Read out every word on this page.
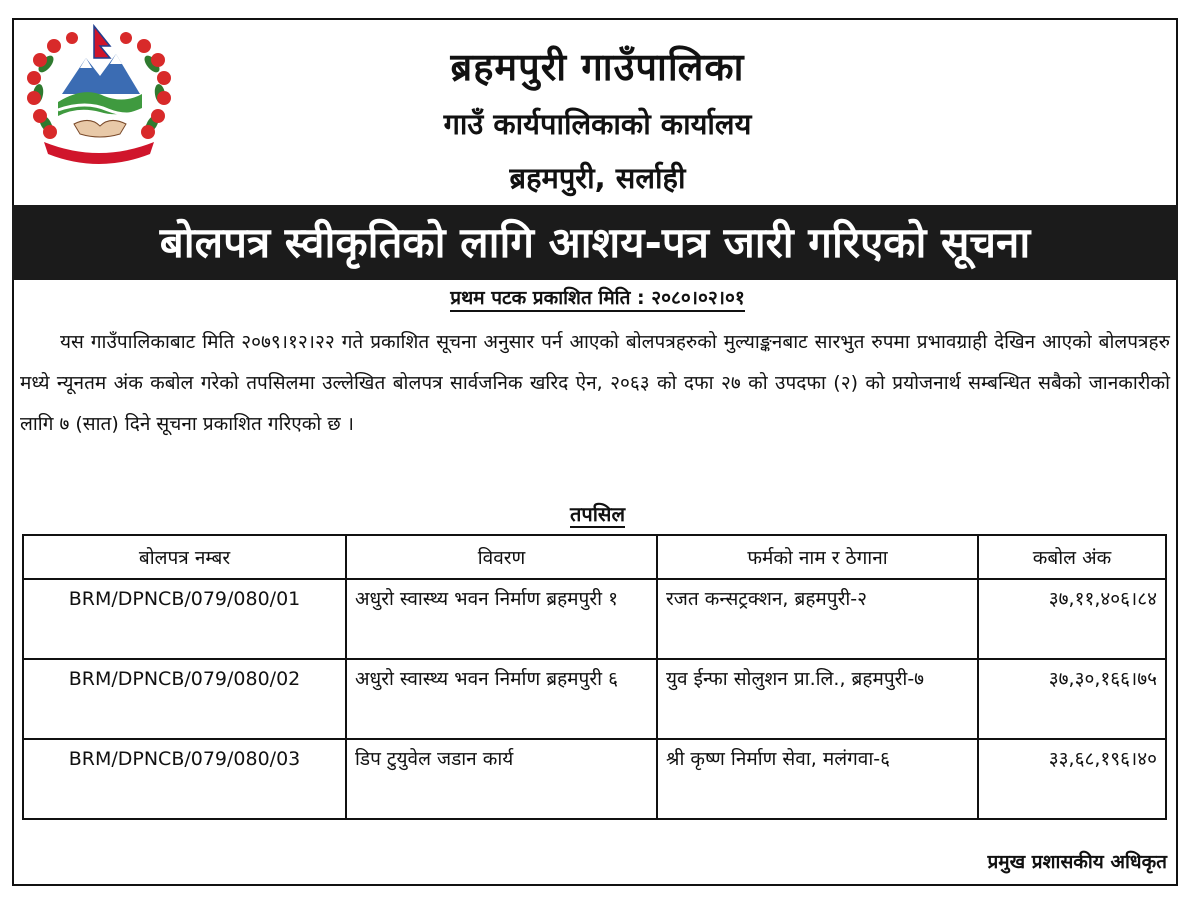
ब्रहमपुरी गाउँपालिका
गाउँ कार्यपालिकाको कार्यालय
ब्रहमपुरी, सर्लाही
बोलपत्र स्वीकृतिको लागि आशय-पत्र जारी गरिएको सूचना
प्रथम पटक प्रकाशित मिति : २०८०।०२।०१

यस गाउँपालिकाबाट मिति २०७९।१२।२२ गते प्रकाशित सूचना अनुसार पर्न आएको बोलपत्रहरुको मुल्याङ्कनबाट सारभुत रुपमा प्रभावग्राही देखिन आएको बोलपत्रहरु मध्ये न्यूनतम अंक कबोल गरेको तपसिलमा उल्लेखित बोलपत्र सार्वजनिक खरिद ऐन, २०६३ को दफा २७ को उपदफा (२) को प्रयोजनार्थ सम्बन्धित सबैको जानकारीको लागि ७ (सात) दिने सूचना प्रकाशित गरिएको छ ।

तपसिल
बोलपत्र नम्बर	विवरण	फर्मको नाम र ठेगाना	कबोल अंक
BRM/DPNCB/079/080/01	अधुरो स्वास्थ्य भवन निर्माण ब्रहमपुरी १	रजत कन्सट्रक्शन, ब्रहमपुरी-२	३७,११,४०६।८४
BRM/DPNCB/079/080/02	अधुरो स्वास्थ्य भवन निर्माण ब्रहमपुरी ६	युव ईन्फा सोलुशन प्रा.लि., ब्रहमपुरी-७	३७,३०,१६६।७५
BRM/DPNCB/079/080/03	डिप टुयुवेल जडान कार्य	श्री कृष्ण निर्माण सेवा, मलंगवा-६	३३,६८,१९६।४०
प्रमुख प्रशासकीय अधिकृत
